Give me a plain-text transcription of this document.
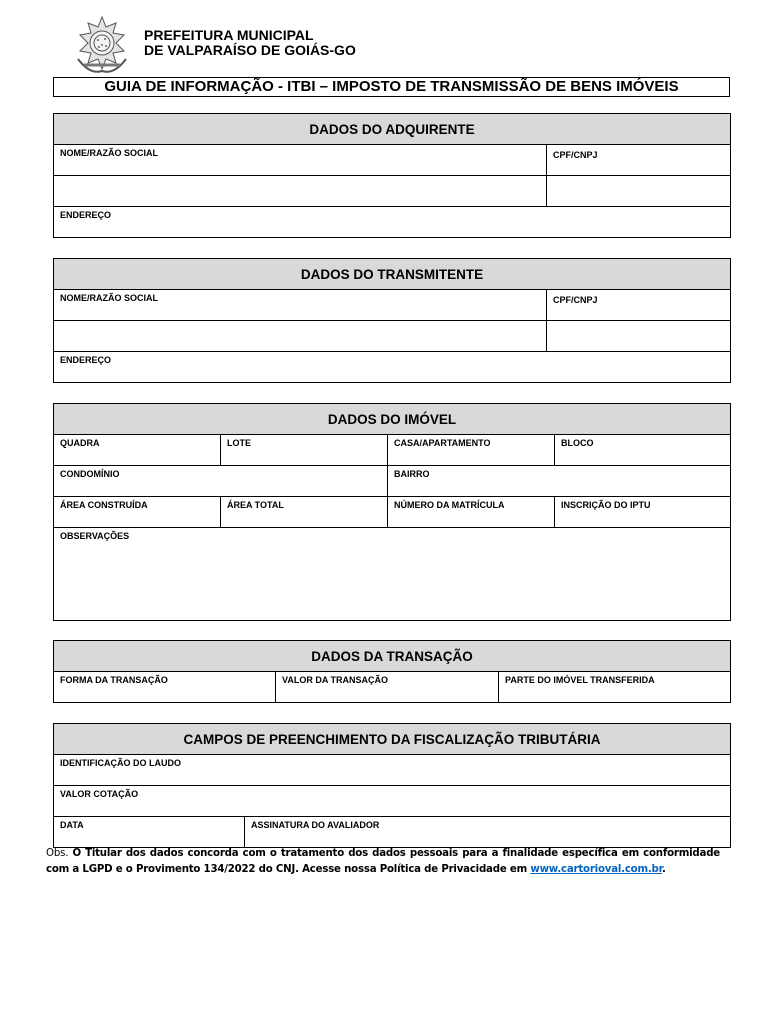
PREFEITURA MUNICIPAL
DE VALPARAÍSO DE GOIÁS-GO
GUIA DE INFORMAÇÃO - ITBI – IMPOSTO DE TRANSMISSÃO DE BENS IMÓVEIS
DADOS DO ADQUIRENTE	

NOME/RAZÃO SOCIAL	CPF/CNPJ

ENDEREÇO	
DADOS DO TRANSMITENTE	

NOME/RAZÃO SOCIAL	CPF/CNPJ

ENDEREÇO	
DADOS DO IMÓVEL			

QUADRA	LOTE	CASA/APARTAMENTO	BLOCO

CONDOMÍNIO		BAIRRO	

ÁREA CONSTRUÍDA	ÁREA TOTAL	NÚMERO DA MATRÍCULA	INSCRIÇÃO DO IPTU

OBSERVAÇÕES			
DADOS DA TRANSAÇÃO

FORMA DA TRANSAÇÃO	VALOR DA TRANSAÇÃO	PARTE DO IMÓVEL TRANSFERIDA
CAMPOS DE PREENCHIMENTO DA FISCALIZAÇÃO TRIBUTÁRIA

IDENTIFICAÇÃO DO LAUDO

VALOR COTAÇÃO

DATA	ASSINATURA DO AVALIADOR
Obs. O Titular dos dados concorda com o tratamento dos dados pessoais para a finalidade específica em conformidade com a LGPD e o Provimento 134/2022 do CNJ. Acesse nossa Política de Privacidade em www.cartorioval.com.br.
